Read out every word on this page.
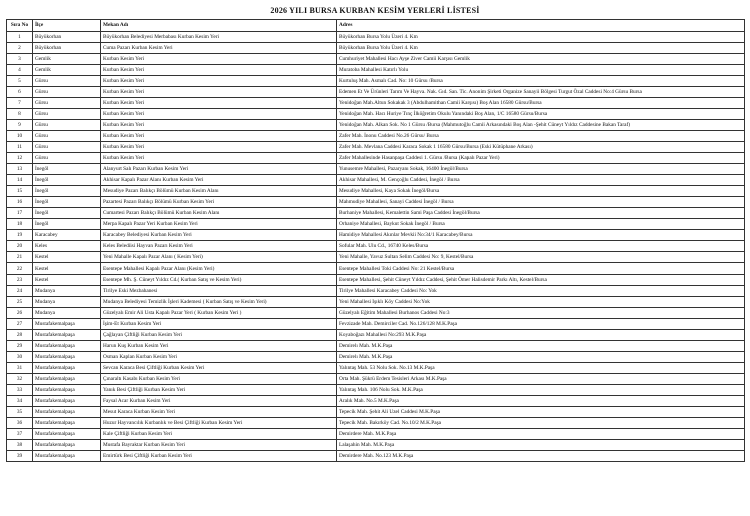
2026 YILI BURSA KURBAN KESİM YERLERİ LİSTESİ
Sıra No	İlçe	Mekan Adı	Adres
1	Büyükorhan	Büyükorhan Belediyesi Merbabası Kurban Kesim Yeri	Büyükorhan Bursa Yolu Üzeri 4. Km
2	Büyükorhan	Cuma Pazarı Kurban Kesim Yeri	Büyükorhan Bursa Yolu Üzeri 4. Km
3	Gemlik	Kurban Kesim Yeri	Cumhuriyet Mahallesi Hacı Ayşe Ziver Camii Karşısı Gemlik
4	Gemlik	Kurban Kesim Yeri	Muratoba Mahallesi Katırlı Yolu
5	Gürsu	Kurban Kesim Yeri	Kurtuluş Mah. Asmalı Cad. No: 10 Gürsu /Bursa
6	Gürsu	Kurban Kesim Yeri	Edemen Et Ve Ürünleri Tarım Ve Hayva. Nak. Gıd. San. Tic. Anonim Şirketi Organize Sanayii Bölgesi Turgut Özal Caddesi No:4 Gürsu Bursa
7	Gürsu	Kurban Kesim Yeri	Yenidoğan Mah.Altun Sokakak 3 (Abdulhamithan Camii Karşısı) Boş Alan 16580 Gürsu/Bursa
8	Gürsu	Kurban Kesim Yeri	Yenidoğan Mah. Hacı Huriye Tınç İlköğretim Okulu Yanındaki Boş Alan, 1/C 16580 Gürsu/Bursa
9	Gürsu	Kurban Kesim Yeri	Yenidoğan Mah. Alkan Sok. No 1 Gürsu /Bursa (Mahmutoğlu Camii Arkasındaki Boş Alan -Şehit Cüneyt Yıldız Caddesine Bakan Taraf)
10	Gürsu	Kurban Kesim Yeri	Zafer Mah. İnonu Caddesi No.26 Gürsu/ Bursa
11	Gürsu	Kurban Kesim Yeri	Zafer Mah. Mevlana Caddesi Karaca Sokak 1 16580 Gürsu/Bursa (Eski Kütüphane Arkası)
12	Gürsu	Kurban Kesim Yeri	Zafer Mahallesinde Hasanpaşa Caddesi 1. Gürsu /Bursa (Kapalı Pazar Yeri)
13	İnegöl	Alanyurt Salı Pazarı Kurban Kesim Yeri	Yunusemre Mahallesi, Pazaryanı Sokak, 16400 İnegöl/Bursa
14	İnegöl	Akhisar Kapalı Pazar Alanı Kurban Kesim Yeri	Akhisar Mahallesi, M. Gençoğlu Caddesi, İnegöl / Bursa
15	İnegöl	Mesudiye Pazarı Balıkçı Bölümü Kurban Kesim Alanı	Mesudiye Mahallesi, Kaya Sokak İnegöl/Bursa
16	İnegöl	Pazartesi Pazarı Balıkçı Bölümü Kurban Kesim Yeri	Mahmudiye Mahallesi, Sanayi Caddesi İnegöl / Bursa
17	İnegöl	Cumartesi Pazarı Balıkçı Bölümü Kurban Kesim Alanı	Burhaniye Mahallesi, Kemalettin Sami Paşa Caddesi İnegöl/Bursa
18	İnegöl	Merpa Kapalı Pazar Yeri Kurban Kesim Yeri	Orhaniye Mahallesi, Baykut Sokak İnegöl / Bursa
19	Karacabey	Karacabey Belediyesi Kurban Kesim Yeri	Hamidiye Mahallesi Akınlar Mevkii No:34/1 Karacabey/Bursa
20	Keles	Keles Belediisi Hayvan Pazarı Kesim Yeri	Sofular Mah. Ulu Cd., 16740 Keles/Bursa
21	Kestel	Yeni Mahalle Kapalı Pazar Alanı ( Kesim Yeri)	Yeni Mahalle, Yavuz Sultan Selim Caddesi No: 9, Kestel/Bursa
22	Kestel	Esentepe Mahallesi Kapalı Pazar Alanı (Kesim Yeri)	Esentepe Mahallesi Toki Caddesi No: 21 Kestel/Bursa
23	Kestel	Esentepe Mh. Ş. Cüneyt Yıldız Cd.( Kurban Satış ve Kesim Yeri)	Esentepe Mahallesi, Şehit Cüneyt Yıldız Caddesi, Şehit Ömer Halisdemir Parkı Altı, Kestel/Bursa
24	Mudanya	Tirilye Eski Mezbahanesi	Tirilye Mahallesi Karacabey Caddesi No: Yok
25	Mudanya	Mudanya Belediyesi Temizlik İşleri Kademesi ( Kurban Satış ve Kesim Yeri)	Yeni Mahallesi Işıklı Köy Caddesi No:Yok
26	Mudanya	Güzelyalı Emir Ali Usta Kapalı Pazar Yeri ( Kurban Kesim Yeri )	Güzelyalı Eğitim Mahallesi Burhanos Caddesi No:3
27	Mustafakemalpaşa	İşim-Et Kurban Kesim Yeri	Fevzizade Mah. Demirciler Cad. No.126/128 M.K.Paşa
28	Mustafakemalpaşa	Çağlayan Çiftliği Kurban Kesim Yeri	Koyaboğazı Mahallesi No:293 M.K.Paşa
29	Mustafakemalpaşa	Harun Kuş Kurban Kesim Yeri	Demirelı Mah. M.K.Paşa
30	Mustafakemalpaşa	Osman Kaplan Kurban Kesim Yeri	Demirelı Mah. M.K.Paşa
31	Mustafakemalpaşa	Sevcan Karaca Besi Çiftliği Kurban Kesim Yeri	Yalıntaş Mah. 53 Nolu Sok. No.13 M.K.Paşa
32	Mustafakemalpaşa	Çınaraltı Kasabı Kurban Kesim Yeri	Orta Mah. Şükrü Erdem Tesisleri Arkası M.K.Paşa
33	Mustafakemalpaşa	Yanık Besi Çiftliği Kurban Kesim Yeri	Yalıntaş Mah. 106 Nolu Sok. M.K.Paşa
34	Mustafakemalpaşa	Faysal Acar Kurban Kesim Yeri	Aralık Mah. No.5 M.K.Paşa
35	Mustafakemalpaşa	Mesut Karaca Kurban Kesim Yeri	Tepecik Mah. Şehit Ali Uzel Caddesi M.K.Paşa
36	Mustafakemalpaşa	Huzur Hayvancılık Kurbanlık ve Besi Çiftliği Kurban Kesim Yeri	Tepecik Mah. Bakırköy Cad. No.10/2 M.K.Paşa
37	Mustafakemalpaşa	Kale Çiftliği Kurban Kesim Yeri	Demirdere Mah. M.K.Paşa
38	Mustafakemalpaşa	Mustafa Bayraktar Kurban Kesim Yeri	Lalaşahin Mah. M.K.Paşa
39	Mustafakemalpaşa	Emirtürk Besi Çiftliği Kurban Kesim Yeri	Demirdere Mah. No.123 M.K.Paşa
